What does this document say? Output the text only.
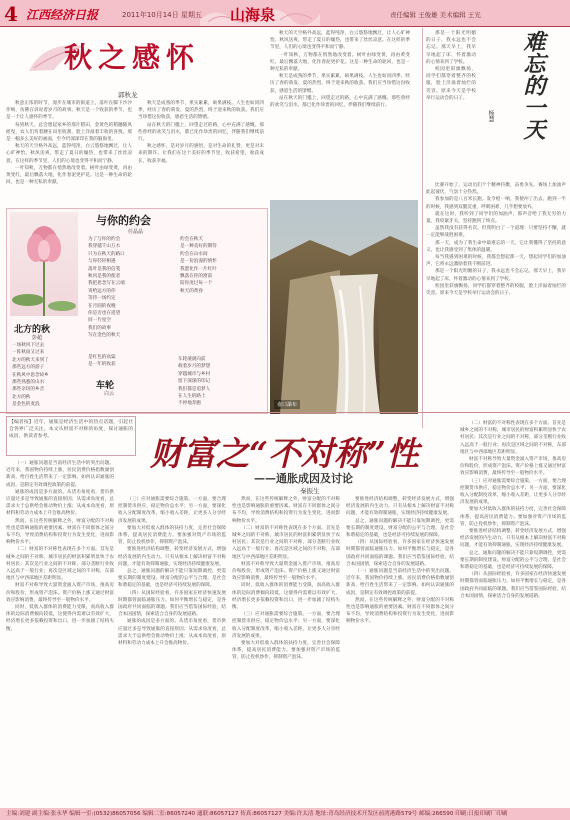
4 江西经济日报	2011年10月14日 星期五 山海泉	责任编辑 王俊雄 美术编辑 王光
秋之感怀
郭秋龙

秋意正浓的时节，漫步在城市的街道上，落叶在脚下沙沙作响，仿佛在诉说着岁月的故事。秋天是一个收获的季节，也是一个让人感怀的季节。

每到秋天，总会想起家乡的那片稻田，金黄色的稻穗随风摇曳，农人们弯着腰在田里收割，脸上洋溢着丰收的喜悦。那是一幅多么美好的画面，至今仍深深印在我的脑海里。

秋天的天空格外高远，蓝得纯净，白云悠悠地飘过，让人心旷神怡。秋风送爽，带走了夏日的燥热，也带来了丝丝凉意。在这样的季节里，人们的心境也变得平和而宁静。

一叶知秋，万物都在悄然地改变着。树叶由绿变黄，再由黄变红，最后飘落大地，化作春泥更护花。这是一种生命的轮回，也是一种无私的奉献。

秋天是成熟的季节，果实累累，硕果满枝。人生也如同四季，经历了春的萌发、夏的热烈，终于迎来秋的收获。我们应当珍惜这份收获，感恩生活的馈赠。

站在秋天的门槛上，回望走过的路，心中充满了感慨。那些曾经的欢笑与泪水，都已化作珍贵的回忆，伴随我们继续前行。

秋之感怀，是对岁月的感悟，是对生命的礼赞，更是对未来的期许。让我们在这个美好的季节里，收获希望，收获成长，收获幸福。

秋天的天空格外高远，蓝得纯净，白云悠悠地飘过，让人心旷神怡。秋风送爽，带走了夏日的燥热，也带来了丝丝凉意。在这样的季节里，人们的心境也变得平和而宁静。

一叶知秋，万物都在悄然地改变着。树叶由绿变黄，再由黄变红，最后飘落大地，化作春泥更护花。这是一种生命的轮回，也是一种无私的奉献。

秋天是成熟的季节，果实累累，硕果满枝。人生也如同四季，经历了春的萌发、夏的热烈，终于迎来秋的收获。我们应当珍惜这份收获，感恩生活的馈赠。

站在秋天的门槛上，回望走过的路，心中充满了感慨。那些曾经的欢笑与泪水，都已化作珍贵的回忆，伴随我们继续前行。

与你的约会
任晶晶
为了与你的约会
我穿越千山万水
只为在秋天的路口
与你轻轻相遇
落叶是我的信笺
秋风是我的使者
我把思念写在云端
寄给远方的你
等待一场约定
在月圆的夜晚
你是否也在遥望
同一片星空
我们的故事
写在金色的秋天
约会在秋天
是一种美好的期待
约会在山水间
是一份浪漫的情怀
我愿化作一片红叶
飘落在你的窗前
陪你度过每一个
秋天的黄昏
北方的秋
彭超
一场秋风下过去
一阵秋雨又过来
北方的秋天来到了
那些远方的游子
在秋风中思念故乡
那些熟悉的山水
那些亲切的乡音
北方的秋
是金色的麦浪
是红色的高粱
是一年的收获
车轮
白云
车轮滚滚向前
载着岁月的梦想
穿越城市与乡村
留下深深的印记
我们都是追梦人
在人生的路上
不停地奔跑	壶口瀑布
难忘的一天
杨慧

那是一个阳光明媚的日子，我永远也不会忘记。那天早上，我早早地起了床，怀着激动的心情来到了学校。

校园里彩旗飘扬，同学们都穿着整齐的校服，脸上洋溢着灿烂的笑容。原来今天是学校举行运动会的日子。

比赛开始了，运动员们个个精神抖擞，奋勇争先。赛场上加油声此起彼伏，气氛十分热烈。

我参加的是八百米长跑。发令枪一响，我便冲了出去。跑到一半的时候，我感到双腿沉重，呼吸困难，几乎想要放弃。

就在这时，我听到了同学们的加油声，那声音给了我无穷的力量。我咬紧牙关，坚持跑到了终点。

虽然我没有获得名次，但我明白了一个道理：只要坚持不懈，就一定能够战胜困难。

那一天，成为了我生命中最难忘的一天。它让我懂得了坚持的意义，也让我感受到了集体的温暖。

每当我遇到困难的时候，我都会想起那一天，想起同学们的加油声，它将永远激励着我不断前进。

那是一个阳光明媚的日子，我永远也不会忘记。那天早上，我早早地起了床，怀着激动的心情来到了学校。

校园里彩旗飘扬，同学们都穿着整齐的校服，脸上洋溢着灿烂的笑容。原来今天是学校举行运动会的日子。

【编者按】近年，通胀是经济生活中的热点话题，引起社会各界广泛关注。本文从财富不对称的角度，探讨通胀的成因，供读者参考。	财富之“不对称”性
——通胀成因及讨论
秦振生

（一）通胀问题是当前经济生活中的突出问题。近年来，我国物价持续上涨，居民消费价格指数屡创新高，给百姓生活带来了一定影响。如何认识通胀的成因，是制定有效调控政策的前提。

通胀的成因是多方面的。从货币角度看，货币供应量过多是导致通胀的直接原因；从需求角度看，总需求大于总供给会推动物价上涨；从成本角度看，原材料和劳动力成本上升会推高物价。

然而，在这些传统解释之外，财富分配的不对称性也是影响通胀的重要因素。财富在不同群体之间分布不均，导致消费结构和投资行为发生变化，进而影响物价水平。

（二）财富的不对称性表现在多个方面。首先是城乡之间的不对称，城市居民的财富积累明显快于农村居民；其次是行业之间的不对称，部分垄断行业收入远高于一般行业；再次是区域之间的不对称，东部地区与中西部地区差距明显。

财富不对称导致大量资金涌入资产市场，推高房价和股价，形成资产泡沫。资产价格上涨又通过财富效应影响消费，最终传导至一般物价水平。

同时，低收入群体的消费能力受限，而高收入群体的边际消费倾向较低，这使得内需难以有效扩大，经济增长更多依赖投资和出口，进一步加剧了结构失衡。

（三）应对通胀需要综合施策。一方面，要合理控制货币供应，稳定物价总水平；另一方面，要深化收入分配制度改革，缩小收入差距，让更多人分享经济发展的成果。

要加大对低收入群体的扶持力度，完善社会保障体系，提高居民消费能力。要加强对资产市场的监管，防止投机炒作，抑制资产泡沫。

要推进经济结构调整，转变经济发展方式，增强经济发展的内生动力。只有从根本上解决财富不对称问题，才能有效抑制通胀，实现经济持续健康发展。

总之，通胀问题的解决不能只靠短期调控，更需要长期的制度建设。财富分配的公平与合理，是社会和谐稳定的基础，也是经济可持续发展的保障。

（四）从国际经验看，许多国家在经济快速发展时期都曾面临通胀压力。如何平衡增长与稳定，是各国政府共同面临的课题。我们应当借鉴国际经验，结合本国国情，探索适合自身的发展道路。

通胀的成因是多方面的。从货币角度看，货币供应量过多是导致通胀的直接原因；从需求角度看，总需求大于总供给会推动物价上涨；从成本角度看，原材料和劳动力成本上升会推高物价。

然而，在这些传统解释之外，财富分配的不对称性也是影响通胀的重要因素。财富在不同群体之间分布不均，导致消费结构和投资行为发生变化，进而影响物价水平。

（二）财富的不对称性表现在多个方面。首先是城乡之间的不对称，城市居民的财富积累明显快于农村居民；其次是行业之间的不对称，部分垄断行业收入远高于一般行业；再次是区域之间的不对称，东部地区与中西部地区差距明显。

财富不对称导致大量资金涌入资产市场，推高房价和股价，形成资产泡沫。资产价格上涨又通过财富效应影响消费，最终传导至一般物价水平。

同时，低收入群体的消费能力受限，而高收入群体的边际消费倾向较低，这使得内需难以有效扩大，经济增长更多依赖投资和出口，进一步加剧了结构失衡。

（三）应对通胀需要综合施策。一方面，要合理控制货币供应，稳定物价总水平；另一方面，要深化收入分配制度改革，缩小收入差距，让更多人分享经济发展的成果。

要加大对低收入群体的扶持力度，完善社会保障体系，提高居民消费能力。要加强对资产市场的监管，防止投机炒作，抑制资产泡沫。

要推进经济结构调整，转变经济发展方式，增强经济发展的内生动力。只有从根本上解决财富不对称问题，才能有效抑制通胀，实现经济持续健康发展。

总之，通胀问题的解决不能只靠短期调控，更需要长期的制度建设。财富分配的公平与合理，是社会和谐稳定的基础，也是经济可持续发展的保障。

（四）从国际经验看，许多国家在经济快速发展时期都曾面临通胀压力。如何平衡增长与稳定，是各国政府共同面临的课题。我们应当借鉴国际经验，结合本国国情，探索适合自身的发展道路。

（一）通胀问题是当前经济生活中的突出问题。近年来，我国物价持续上涨，居民消费价格指数屡创新高，给百姓生活带来了一定影响。如何认识通胀的成因，是制定有效调控政策的前提。

然而，在这些传统解释之外，财富分配的不对称性也是影响通胀的重要因素。财富在不同群体之间分布不均，导致消费结构和投资行为发生变化，进而影响物价水平。

（二）财富的不对称性表现在多个方面。首先是城乡之间的不对称，城市居民的财富积累明显快于农村居民；其次是行业之间的不对称，部分垄断行业收入远高于一般行业；再次是区域之间的不对称，东部地区与中西部地区差距明显。

财富不对称导致大量资金涌入资产市场，推高房价和股价，形成资产泡沫。资产价格上涨又通过财富效应影响消费，最终传导至一般物价水平。

（三）应对通胀需要综合施策。一方面，要合理控制货币供应，稳定物价总水平；另一方面，要深化收入分配制度改革，缩小收入差距，让更多人分享经济发展的成果。

要加大对低收入群体的扶持力度，完善社会保障体系，提高居民消费能力。要加强对资产市场的监管，防止投机炒作，抑制资产泡沫。

要推进经济结构调整，转变经济发展方式，增强经济发展的内生动力。只有从根本上解决财富不对称问题，才能有效抑制通胀，实现经济持续健康发展。

总之，通胀问题的解决不能只靠短期调控，更需要长期的制度建设。财富分配的公平与合理，是社会和谐稳定的基础，也是经济可持续发展的保障。

（四）从国际经验看，许多国家在经济快速发展时期都曾面临通胀压力。如何平衡增长与稳定，是各国政府共同面临的课题。我们应当借鉴国际经验，结合本国国情，探索适合自身的发展道路。

主编:刘建 副主编:张永华 编辑一室:(0532)86057056 编辑二室:86057240 通联:86057127 传真:86057127 美编:许太清 地址:青岛经济技术开发区前湾港路579号 邮编:266590 印刷:日报印刷厂印刷
